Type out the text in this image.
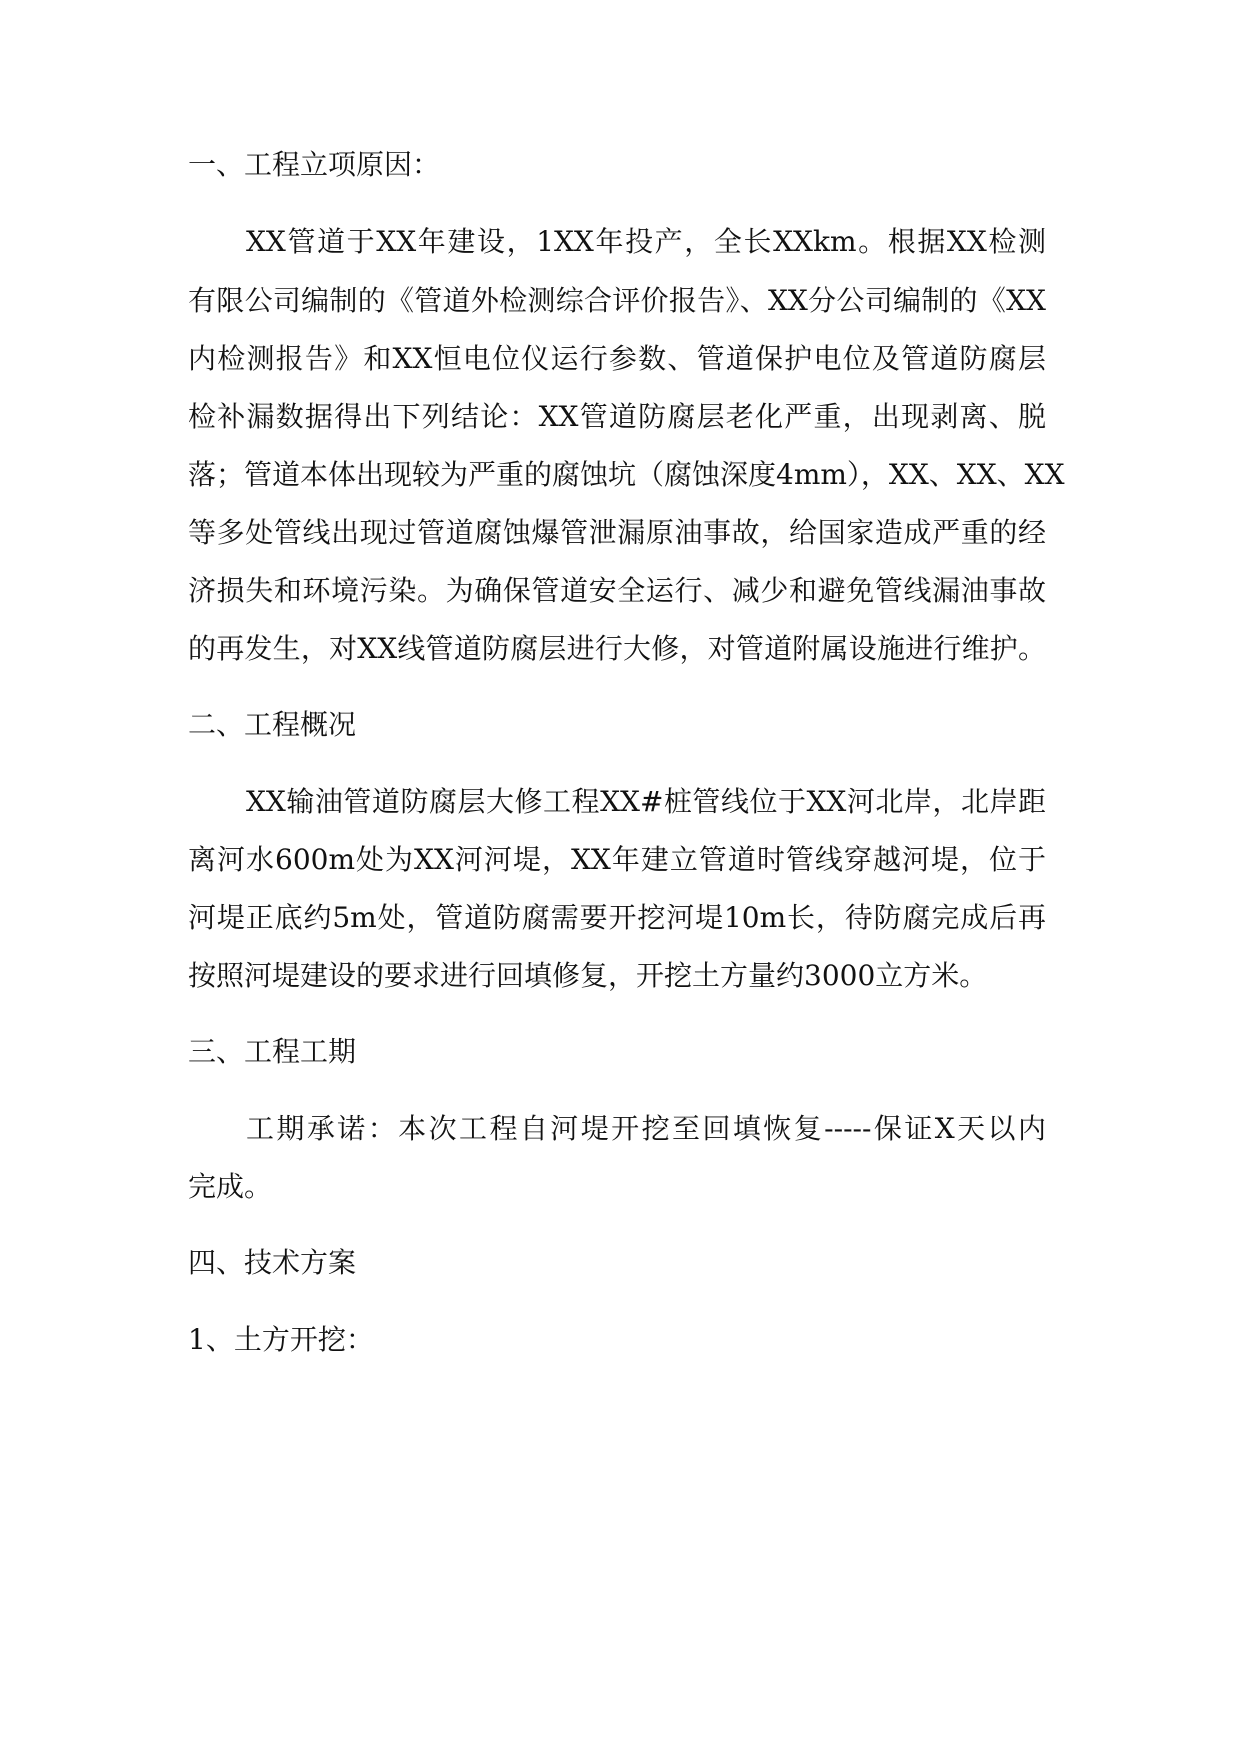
一、工程立项原因：

XX管道于XX年建设，1XX年投产，全长XXkm。根据XX检测

有限公司编制的《管道外检测综合评价报告》、XX分公司编制的《XX

内检测报告》和XX恒电位仪运行参数、管道保护电位及管道防腐层

检补漏数据得出下列结论：XX管道防腐层老化严重，出现剥离、脱

落；管道本体出现较为严重的腐蚀坑（腐蚀深度4mm），XX、XX、XX

等多处管线出现过管道腐蚀爆管泄漏原油事故，给国家造成严重的经

济损失和环境污染。为确保管道安全运行、减少和避免管线漏油事故

的再发生，对XX线管道防腐层进行大修，对管道附属设施进行维护。

二、工程概况

XX输油管道防腐层大修工程XX#桩管线位于XX河北岸，北岸距

离河水600m处为XX河河堤，XX年建立管道时管线穿越河堤，位于

河堤正底约5m处，管道防腐需要开挖河堤10m长，待防腐完成后再

按照河堤建设的要求进行回填修复，开挖土方量约3000立方米。

三、工程工期

工期承诺：本次工程自河堤开挖至回填恢复-----保证X天以内

完成。

四、技术方案
1、土方开挖：
